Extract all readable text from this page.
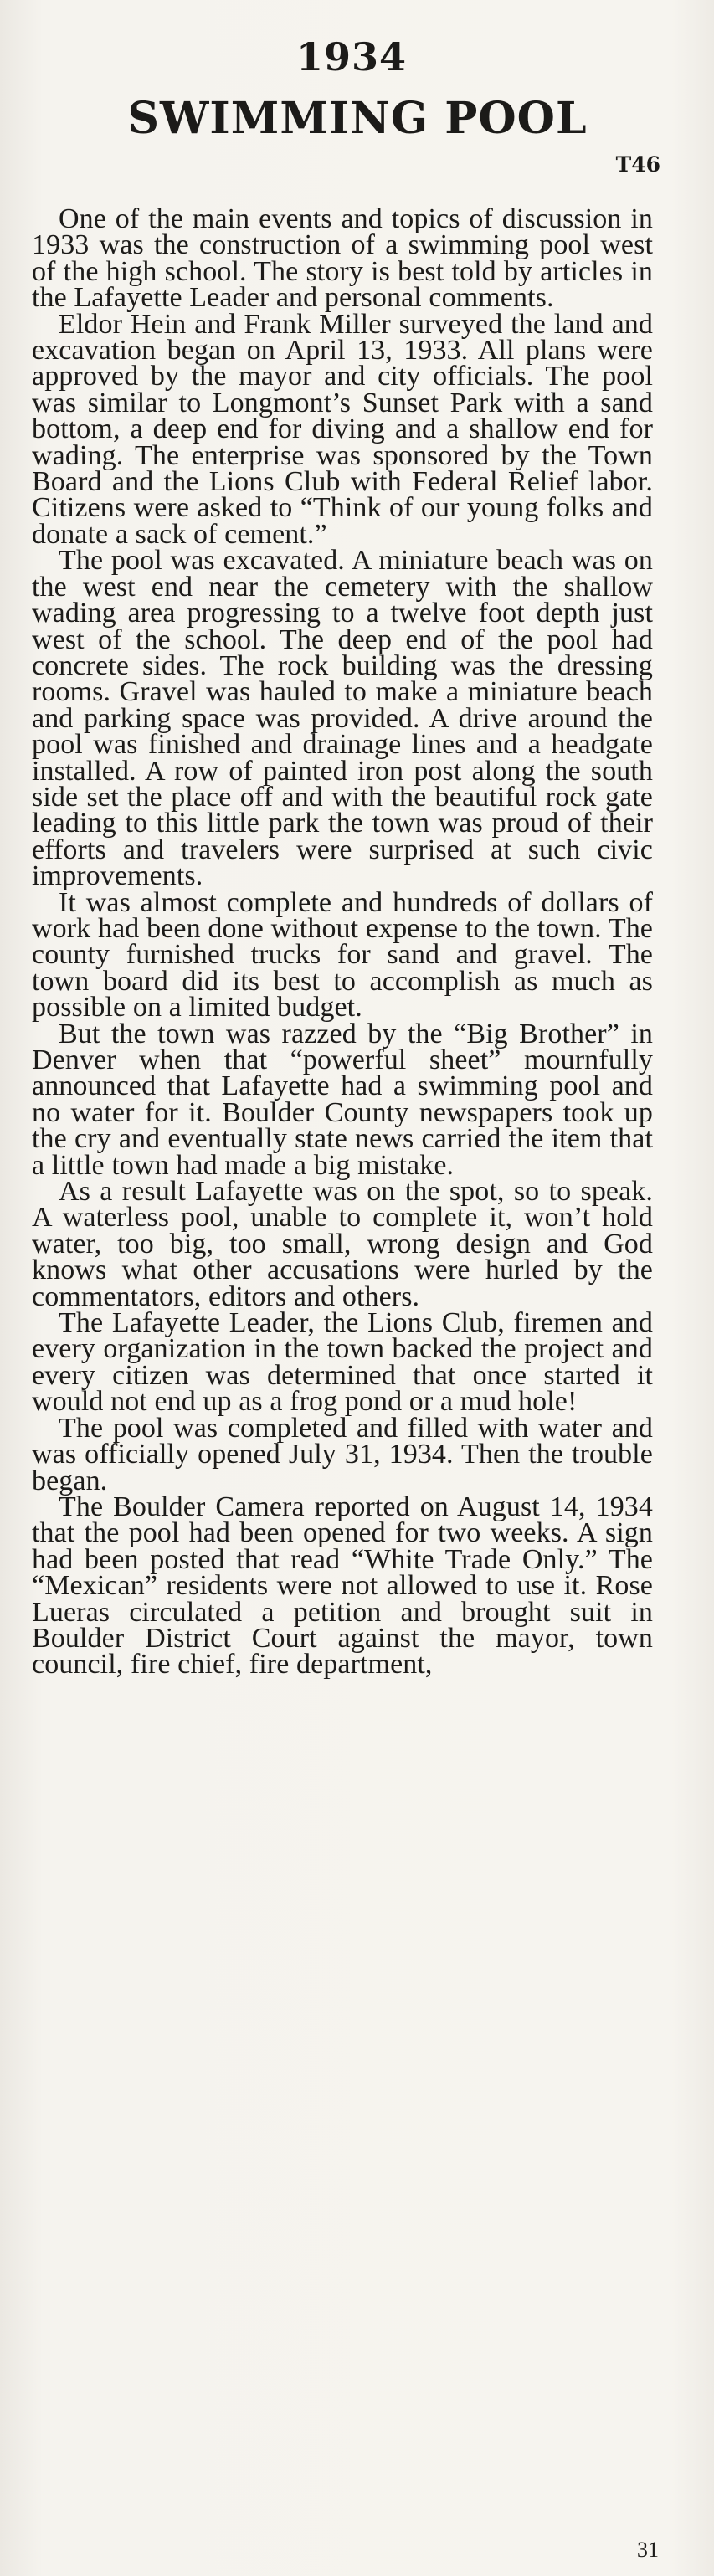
1934
SWIMMING POOL
T46

One of the main events and topics of discussion in 1933 was the construction of a swimming pool west of the high school. The story is best told by articles in the Lafayette Leader and personal comments.

Eldor Hein and Frank Miller surveyed the land and excavation began on April 13, 1933. All plans were approved by the mayor and city officials. The pool was similar to Longmont’s Sunset Park with a sand bottom, a deep end for diving and a shallow end for wading. The enterprise was sponsored by the Town Board and the Lions Club with Federal Relief labor. Citizens were asked to “Think of our young folks and donate a sack of cement.”

The pool was excavated. A miniature beach was on the west end near the cemetery with the shallow wading area progressing to a twelve foot depth just west of the school. The deep end of the pool had concrete sides. The rock building was the dressing rooms. Gravel was hauled to make a miniature beach and parking space was provided. A drive around the pool was finished and drainage lines and a headgate installed. A row of painted iron post along the south side set the place off and with the beautiful rock gate leading to this little park the town was proud of their efforts and travelers were surprised at such civic improvements.

It was almost complete and hundreds of dollars of work had been done without expense to the town. The county furnished trucks for sand and gravel. The town board did its best to accomplish as much as possible on a limited budget.

But the town was razzed by the “Big Brother” in Denver when that “powerful sheet” mournfully announced that Lafayette had a swimming pool and no water for it. Boulder County newspapers took up the cry and eventually state news carried the item that a little town had made a big mistake.

As a result Lafayette was on the spot, so to speak. A waterless pool, unable to complete it, won’t hold water, too big, too small, wrong design and God knows what other accusations were hurled by the commentators, editors and others.

The Lafayette Leader, the Lions Club, firemen and every organization in the town backed the project and every citizen was determined that once started it would not end up as a frog pond or a mud hole!

The pool was completed and filled with water and was officially opened July 31, 1934. Then the trouble began.

The Boulder Camera reported on August 14, 1934 that the pool had been opened for two weeks. A sign had been posted that read “White Trade Only.” The “Mexican” residents were not allowed to use it. Rose Lueras circulated a petition and brought suit in Boulder District Court against the mayor, town council, fire chief, fire department,

31
